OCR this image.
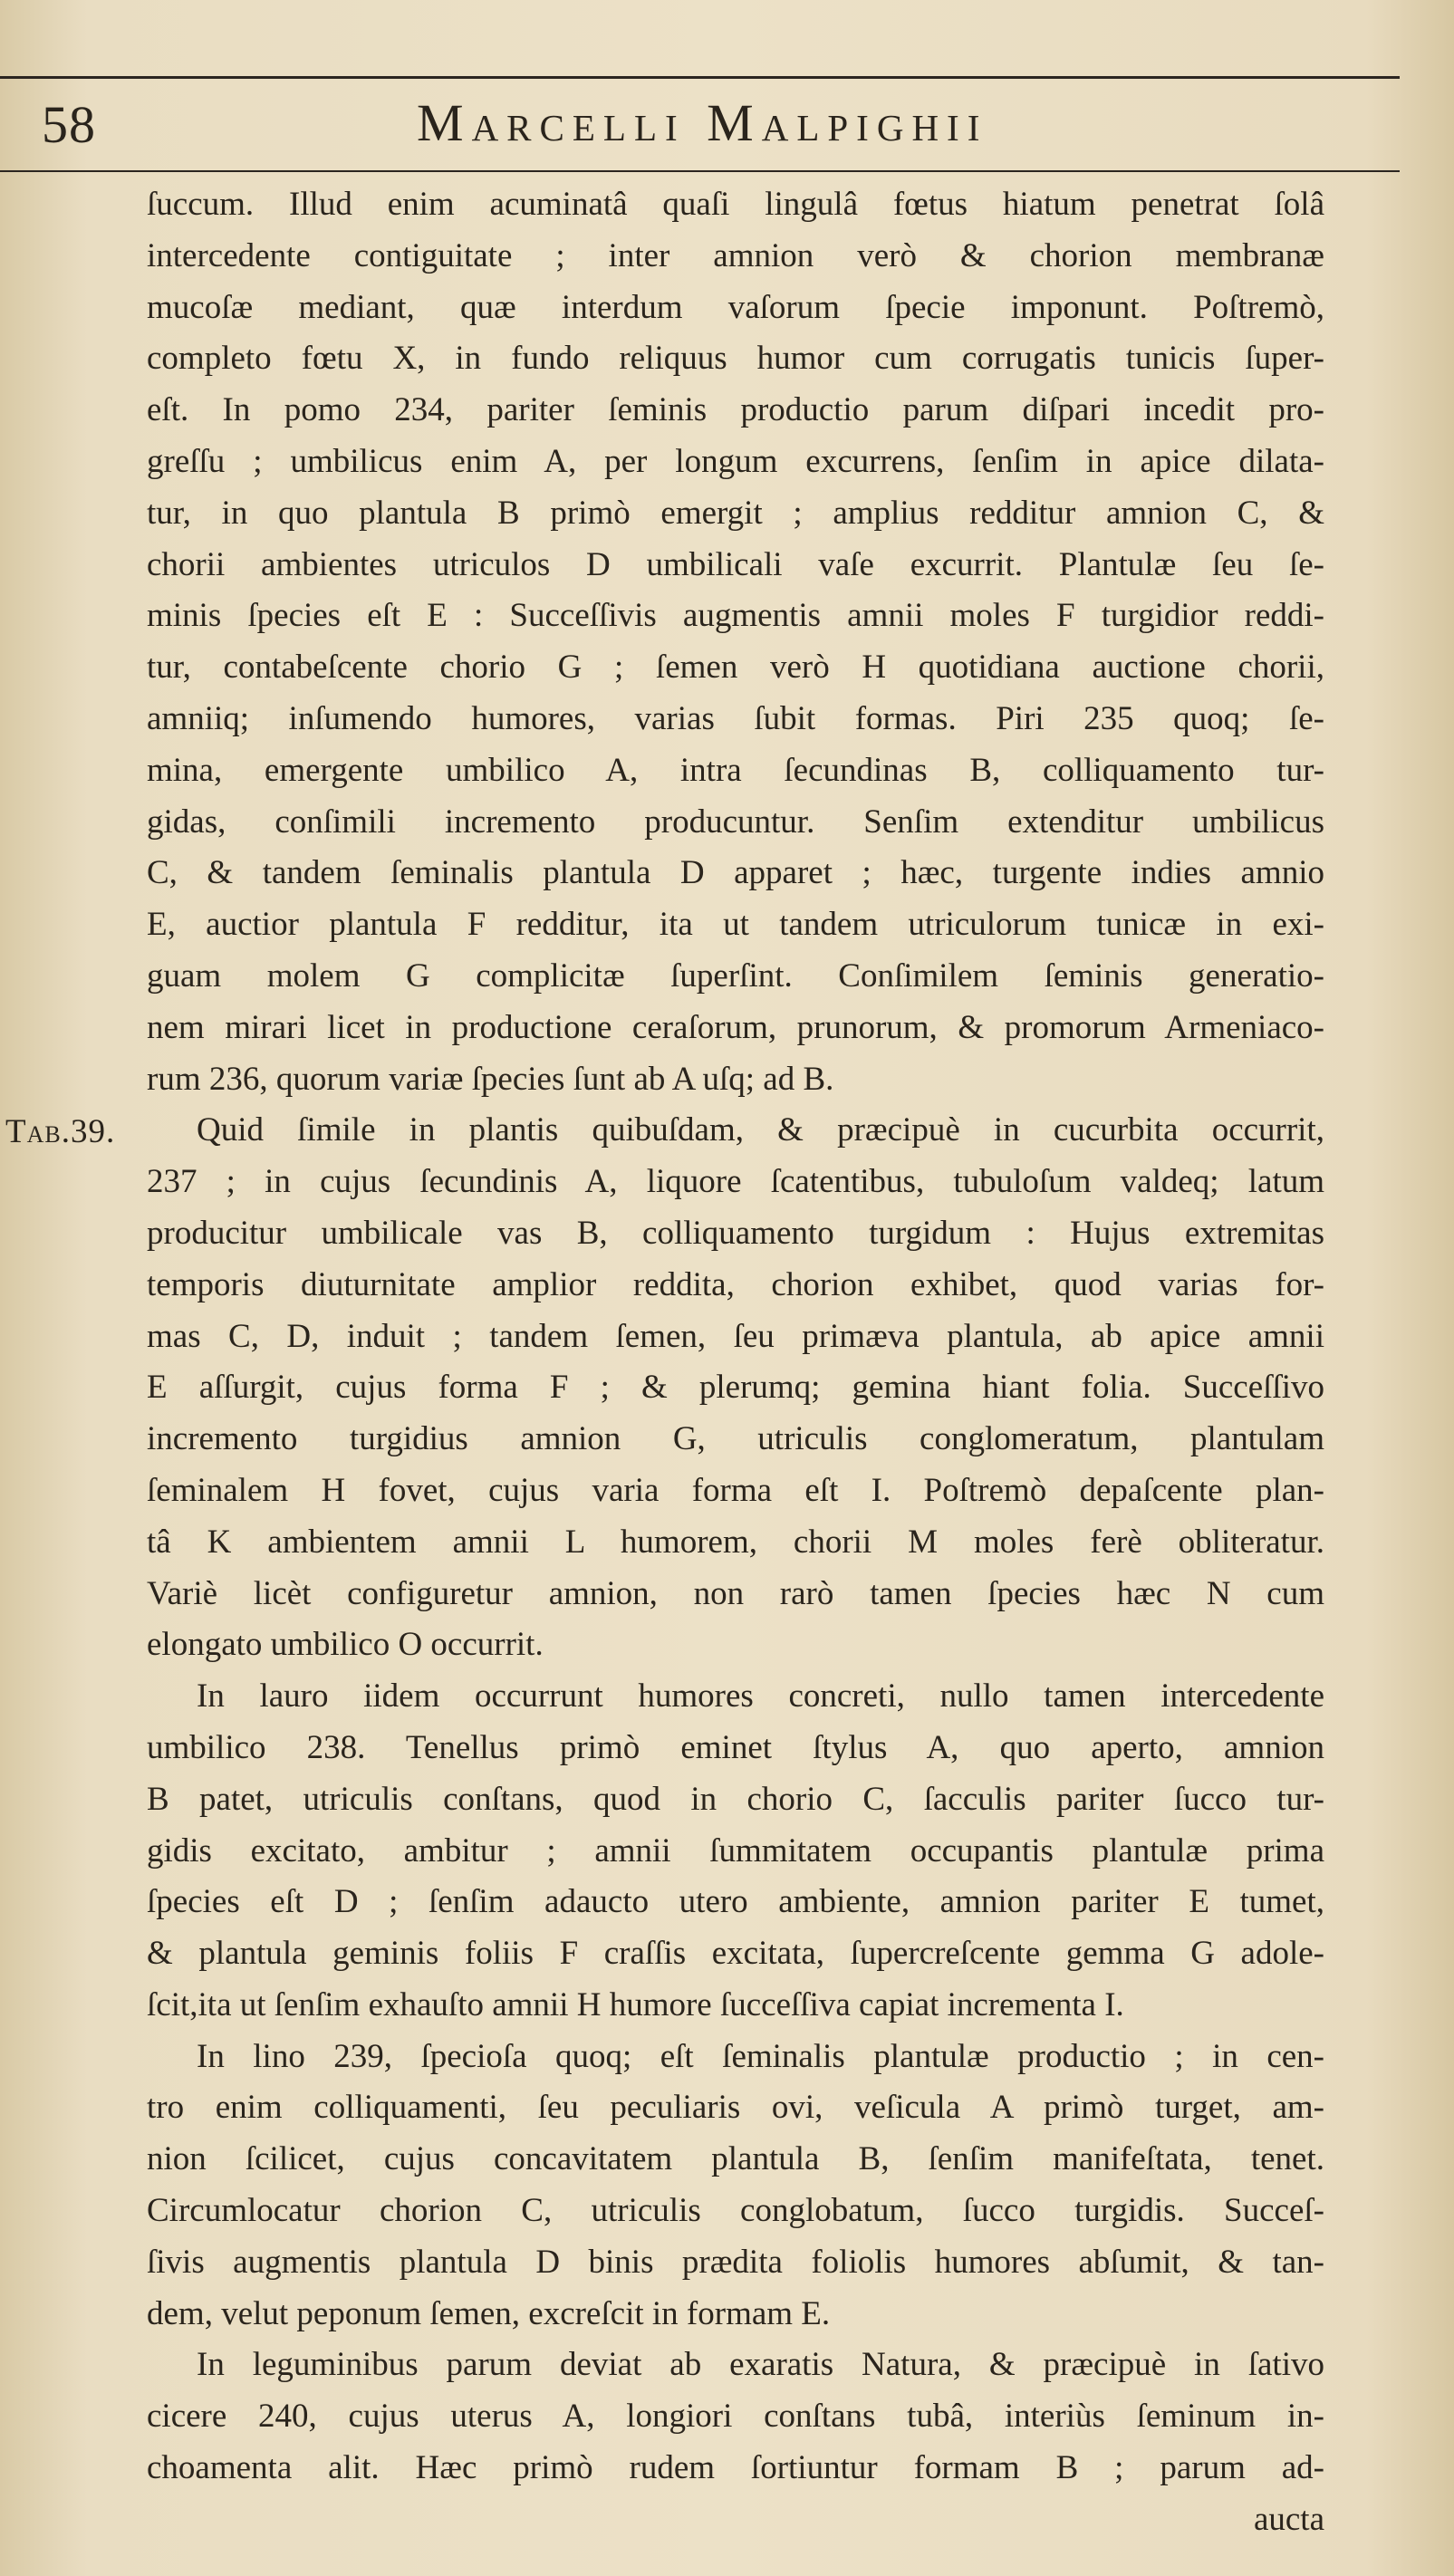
58	Marcelli Malpighii
Tab.39.
ſuccum. Illud enim acuminatâ quaſi lingulâ fœtus hiatum penetrat ſolâ
intercedente contiguitate ; inter amnion verò & chorion membranæ
mucoſæ mediant, quæ interdum vaſorum ſpecie imponunt. Poſtremò,
completo fœtu X, in fundo reliquus humor cum corrugatis tunicis ſuper-
eſt. In pomo 234, pariter ſeminis productio parum diſpari incedit pro-
greſſu ; umbilicus enim A, per longum excurrens, ſenſim in apice dilata-
tur, in quo plantula B primò emergit ; amplius redditur amnion C, &
chorii ambientes utriculos D umbilicali vaſe excurrit. Plantulæ ſeu ſe-
minis ſpecies eſt E : Succeſſivis augmentis amnii moles F turgidior reddi-
tur, contabeſcente chorio G ; ſemen verò H quotidiana auctione chorii,
amniiq; inſumendo humores, varias ſubit formas. Piri 235 quoq; ſe-
mina, emergente umbilico A, intra ſecundinas B, colliquamento tur-
gidas, conſimili incremento producuntur. Senſim extenditur umbilicus
C, & tandem ſeminalis plantula D apparet ; hæc, turgente indies amnio
E, auctior plantula F redditur, ita ut tandem utriculorum tunicæ in exi-
guam molem G complicitæ ſuperſint. Conſimilem ſeminis generatio-
nem mirari licet in productione ceraſorum, prunorum, & promorum Armeniaco-
rum 236, quorum variæ ſpecies ſunt ab A uſq; ad B.
Quid ſimile in plantis quibuſdam, & præcipuè in cucurbita occurrit,
237 ; in cujus ſecundinis A, liquore ſcatentibus, tubuloſum valdeq; latum
producitur umbilicale vas B, colliquamento turgidum : Hujus extremitas
temporis diuturnitate amplior reddita, chorion exhibet, quod varias for-
mas C, D, induit ; tandem ſemen, ſeu primæva plantula, ab apice amnii
E aſſurgit, cujus forma F ; & plerumq; gemina hiant folia. Succeſſivo
incremento turgidius amnion G, utriculis conglomeratum, plantulam
ſeminalem H fovet, cujus varia forma eſt I. Poſtremò depaſcente plan-
tâ K ambientem amnii L humorem, chorii M moles ferè obliteratur.
Variè licèt configuretur amnion, non rarò tamen ſpecies hæc N cum
elongato umbilico O occurrit.
In lauro iidem occurrunt humores concreti, nullo tamen intercedente
umbilico 238. Tenellus primò eminet ſtylus A, quo aperto, amnion
B patet, utriculis conſtans, quod in chorio C, ſacculis pariter ſucco tur-
gidis excitato, ambitur ; amnii ſummitatem occupantis plantulæ prima
ſpecies eſt D ; ſenſim adaucto utero ambiente, amnion pariter E tumet,
& plantula geminis foliis F craſſis excitata, ſupercreſcente gemma G adole-
ſcit,ita ut ſenſim exhauſto amnii H humore ſucceſſiva capiat incrementa I.
In lino 239, ſpecioſa quoq; eſt ſeminalis plantulæ productio ; in cen-
tro enim colliquamenti, ſeu peculiaris ovi, veſicula A primò turget, am-
nion ſcilicet, cujus concavitatem plantula B, ſenſim manifeſtata, tenet.
Circumlocatur chorion C, utriculis conglobatum, ſucco turgidis. Succeſ-
ſivis augmentis plantula D binis prædita foliolis humores abſumit, & tan-
dem, velut peponum ſemen, excreſcit in formam E.
In leguminibus parum deviat ab exaratis Natura, & præcipuè in ſativo
cicere 240, cujus uterus A, longiori conſtans tubâ, interiùs ſeminum in-
choamenta alit. Hæc primò rudem ſortiuntur formam B ; parum ad-
aucta
